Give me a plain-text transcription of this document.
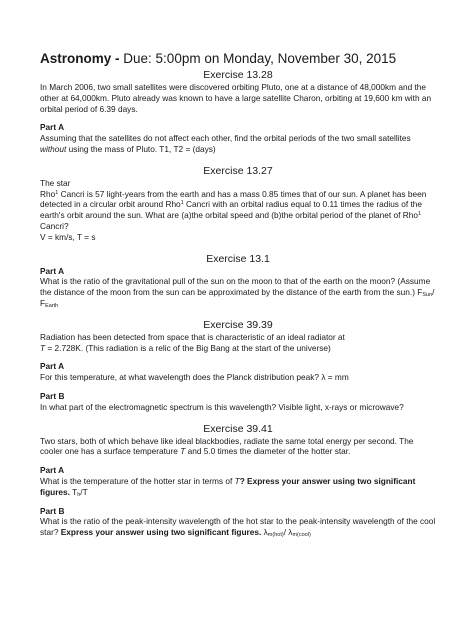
Astronomy - Due: 5:00pm on Monday, November 30, 2015
Exercise 13.28

In March 2006, two small satellites were discovered orbiting Pluto, one at a distance of 48,000km and the other at 64,000km. Pluto already was known to have a large satellite Charon, orbiting at 19,600 km with an orbital period of 6.39 days.

Part A

Assuming that the satellites do not affect each other, find the orbital periods of the two small satellites without using the mass of Pluto. T1, T2 = (days)

Exercise 13.27

The star

Rho$^1$ Cancri is 57 light-years from the earth and has a mass 0.85 times that of our sun. A planet has been detected in a circular orbit around Rho$^1$ Cancri with an orbital radius equal to 0.11 times the radius of the earth's orbit around the sun. What are (a)the orbital speed and (b)the orbital period of the planet of Rho$^1$ Cancri?

V = km/s, T = s

Exercise 13.1

Part A

What is the ratio of the gravitational pull of the sun on the moon to that of the earth on the moon? (Assume the distance of the moon from the sun can be approximated by the distance of the earth from the sun.) $F_{Sun}/$ $F_{Earth}$

Exercise 39.39

Radiation has been detected from space that is characteristic of an ideal radiator at
T = 2.728K. (This radiation is a relic of the Big Bang at the start of the universe)

Part A

For this temperature, at what wavelength does the Planck distribution peak? λ = mm

Part B

In what part of the electromagnetic spectrum is this wavelength? Visible light, x-rays or microwave?

Exercise 39.41

Two stars, both of which behave like ideal blackbodies, radiate the same total energy per second. The cooler one has a surface temperature T and 5.0 times the diameter of the hotter star.

Part A

What is the temperature of the hotter star in terms of T? Express your answer using two significant figures. $T_h/T$

Part B

What is the ratio of the peak-intensity wavelength of the hot star to the peak-intensity wavelength of the cool star? Express your answer using two significant figures. $\lambda_{m(hot)}/$ $\lambda_{m(cool)}$
